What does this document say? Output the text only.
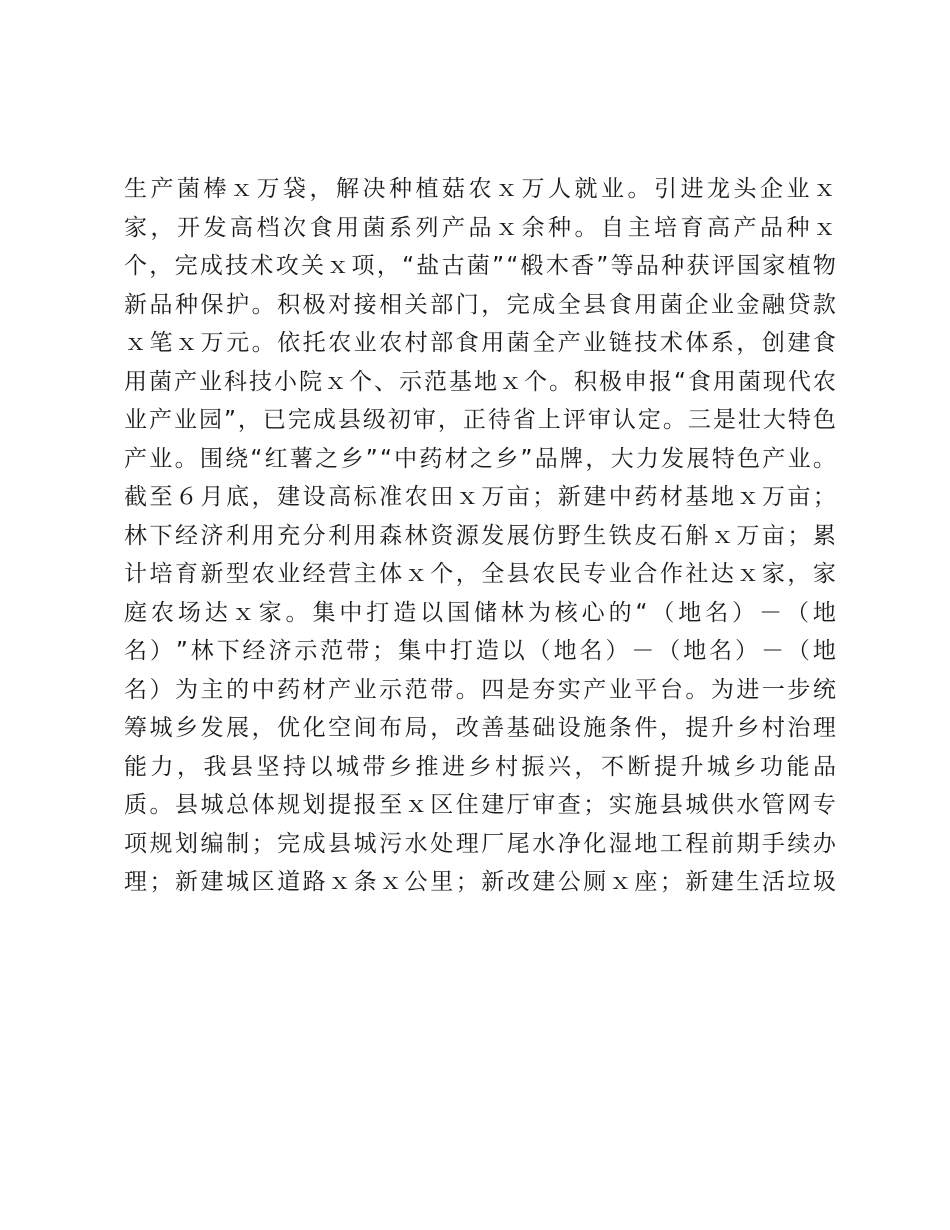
生 产 菌 棒 ｘ 万 袋 ， 解 决 种 植 菇 农 ｘ 万 人 就 业 。 引 进 龙 头 企 业 ｘ
家 ， 开 发 高 档 次 食 用 菌 系 列 产 品 ｘ 余 种 。 自 主 培 育 高 产 品 种 ｘ
个 ， 完 成 技 术 攻 关 ｘ 项 ， “ 盐 古 菌 ” “ 椴 木 香 ” 等 品 种 获 评 国 家 植 物
新 品 种 保 护 。 积 极 对 接 相 关 部 门 ， 完 成 全 县 食 用 菌 企 业 金 融 贷 款
ｘ 笔 ｘ 万 元 。 依 托 农 业 农 村 部 食 用 菌 全 产 业 链 技 术 体 系 ， 创 建 食
用 菌 产 业 科 技 小 院 ｘ 个 、 示 范 基 地 ｘ 个 。 积 极 申 报 “ 食 用 菌 现 代 农
业 产 业 园 ” ， 已 完 成 县 级 初 审 ， 正 待 省 上 评 审 认 定 。 三 是 壮 大 特 色
产 业 。 围 绕 “ 红 薯 之 乡 ” “ 中 药 材 之 乡 ” 品 牌 ， 大 力 发 展 特 色 产 业 。
截 至 ６ 月 底 ， 建 设 高 标 准 农 田 ｘ 万 亩 ； 新 建 中 药 材 基 地 ｘ 万 亩 ；
林 下 经 济 利 用 充 分 利 用 森 林 资 源 发 展 仿 野 生 铁 皮 石 斛 ｘ 万 亩 ； 累
计 培 育 新 型 农 业 经 营 主 体 ｘ 个 ， 全 县 农 民 专 业 合 作 社 达 ｘ 家 ， 家
庭 农 场 达 ｘ 家 。 集 中 打 造 以 国 储 林 为 核 心 的 “ （ 地 名 ） － （ 地
名 ） ” 林 下 经 济 示 范 带 ； 集 中 打 造 以 （ 地 名 ） － （ 地 名 ） － （ 地
名 ） 为 主 的 中 药 材 产 业 示 范 带 。 四 是 夯 实 产 业 平 台 。 为 进 一 步 统
筹 城 乡 发 展 ， 优 化 空 间 布 局 ， 改 善 基 础 设 施 条 件 ， 提 升 乡 村 治 理
能 力 ， 我 县 坚 持 以 城 带 乡 推 进 乡 村 振 兴 ， 不 断 提 升 城 乡 功 能 品
质 。 县 城 总 体 规 划 提 报 至 ｘ 区 住 建 厅 审 查 ； 实 施 县 城 供 水 管 网 专
项 规 划 编 制 ； 完 成 县 城 污 水 处 理 厂 尾 水 净 化 湿 地 工 程 前 期 手 续 办
理 ； 新 建 城 区 道 路 ｘ 条 ｘ 公 里 ； 新 改 建 公 厕 ｘ 座 ； 新 建 生 活 垃 圾
